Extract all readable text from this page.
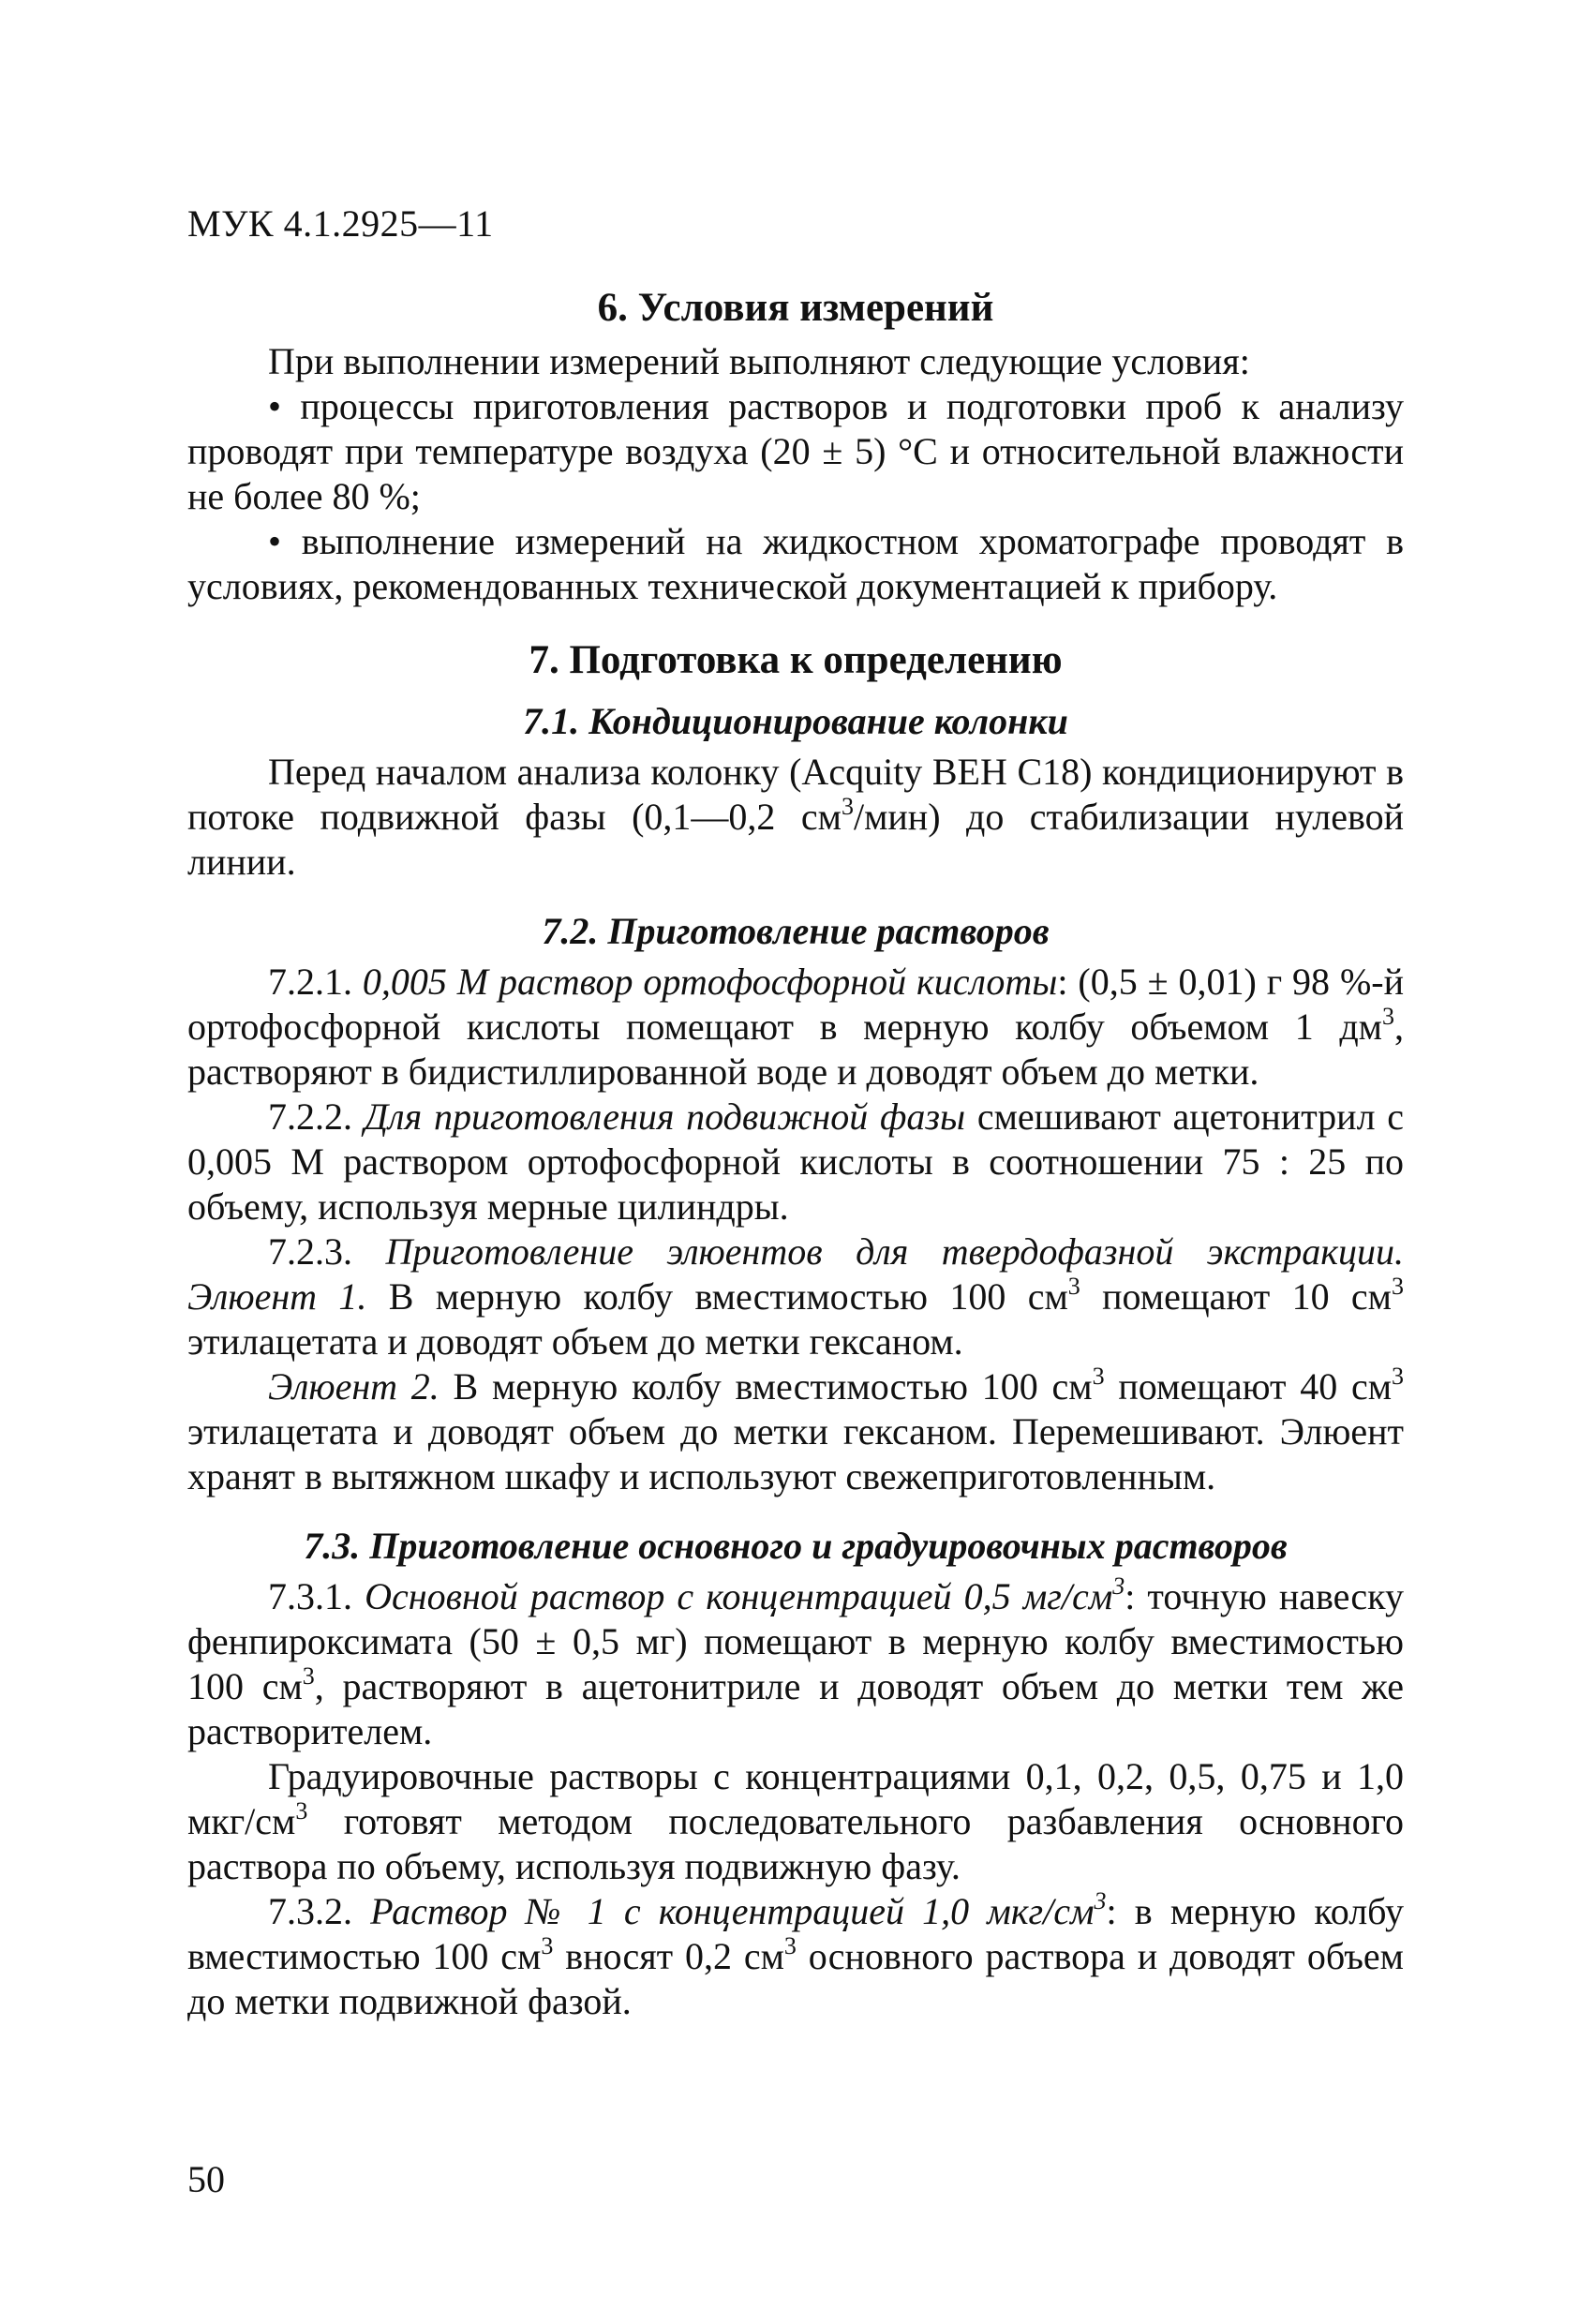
МУК 4.1.2925—11
6. Условия измерений

При выполнении измерений выполняют следующие условия:

• процессы приготовления растворов и подготовки проб к анализу проводят при температуре воздуха (20 ± 5) °С и относительной влажности не более 80 %;

• выполнение измерений на жидкостном хроматографе проводят в условиях, рекомендованных технической документацией к прибору.

7. Подготовка к определению
7.1. Кондиционирование колонки

Перед началом анализа колонку (Acquity BEH C18) кондиционируют в потоке подвижной фазы (0,1—0,2 $см^3/мин$) до стабилизации нулевой линии.

7.2. Приготовление растворов

7.2.1. 0,005 М раствор ортофосфорной кислоты: (0,5 ± 0,01) г 98 %-й ортофосфорной кислоты помещают в мерную колбу объемом 1 $дм^3$, растворяют в бидистиллированной воде и доводят объем до метки.

7.2.2. Для приготовления подвижной фазы смешивают ацетонитрил с 0,005 М раствором ортофосфорной кислоты в соотношении 75 : 25 по объему, используя мерные цилиндры.

7.2.3. Приготовление элюентов для твердофазной экстракции. Элюент 1. В мерную колбу вместимостью 100 $см^3$ помещают 10 $см^3$ этилацетата и доводят объем до метки гексаном.

Элюент 2. В мерную колбу вместимостью 100 $см^3$ помещают 40 $см^3$ этилацетата и доводят объем до метки гексаном. Перемешивают. Элюент хранят в вытяжном шкафу и используют свежеприготовленным.

7.3. Приготовление основного и градуировочных растворов

7.3.1. Основной раствор с концентрацией 0,5 $мг/см^3$: точную навеску фенпироксимата (50 ± 0,5 мг) помещают в мерную колбу вместимостью 100 $см^3$, растворяют в ацетонитриле и доводят объем до метки тем же растворителем.

Градуировочные растворы с концентрациями 0,1, 0,2, 0,5, 0,75 и 1,0 мкг/$см^3$ готовят методом последовательного разбавления основного раствора по объему, используя подвижную фазу.

7.3.2. Раствор № 1 с концентрацией 1,0 мкг/$см^3$: в мерную колбу вместимостью 100 $см^3$ вносят 0,2 $см^3$ основного раствора и доводят объем до метки подвижной фазой.

50
